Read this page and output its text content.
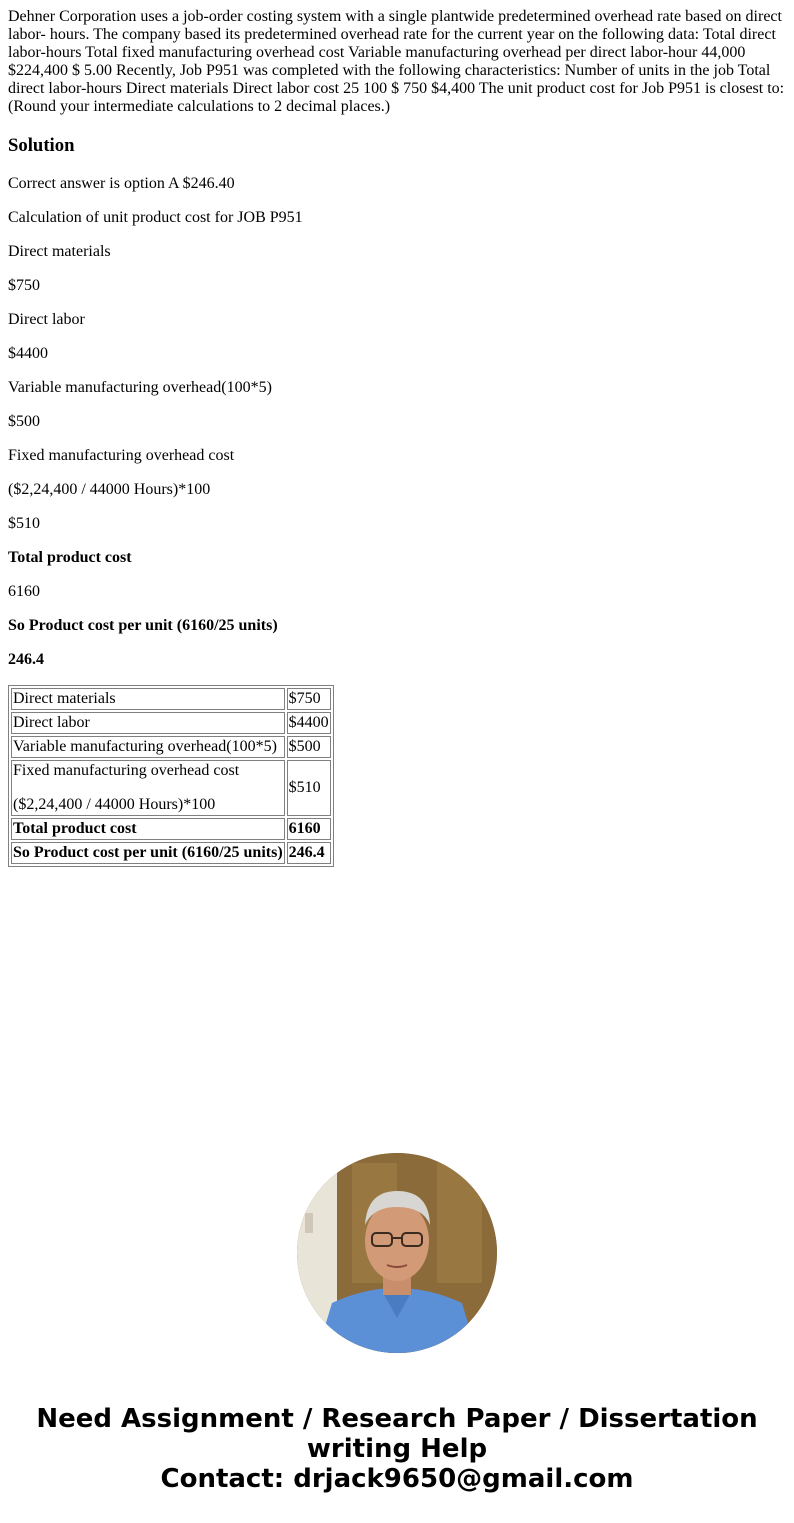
Dehner Corporation uses a job-order costing system with a single plantwide predetermined overhead rate based on direct labor- hours. The company based its predetermined overhead rate for the current year on the following data: Total direct labor-hours Total fixed manufacturing overhead cost Variable manufacturing overhead per direct labor-hour 44,000 $224,400 $ 5.00 Recently, Job P951 was completed with the following characteristics: Number of units in the job Total direct labor-hours Direct materials Direct labor cost 25 100 $ 750 $4,400 The unit product cost for Job P951 is closest to: (Round your intermediate calculations to 2 decimal places.)
Solution

Correct answer is option A $246.40

Calculation of unit product cost for JOB P951

Direct materials

$750

Direct labor

$4400

Variable manufacturing overhead(100*5)

$500

Fixed manufacturing overhead cost

($2,24,400 / 44000 Hours)*100

$510

Total product cost

6160

So Product cost per unit (6160/25 units)

246.4

Direct materials	$750

Direct labor	$4400

Variable manufacturing overhead(100*5)	$500

Fixed manufacturing overhead cost

($2,24,400 / 44000 Hours)*100	$510

Total product cost	6160

So Product cost per unit (6160/25 units)	246.4
Need Assignment / Research Paper / Dissertation
writing Help
Contact: drjack9650@gmail.com
